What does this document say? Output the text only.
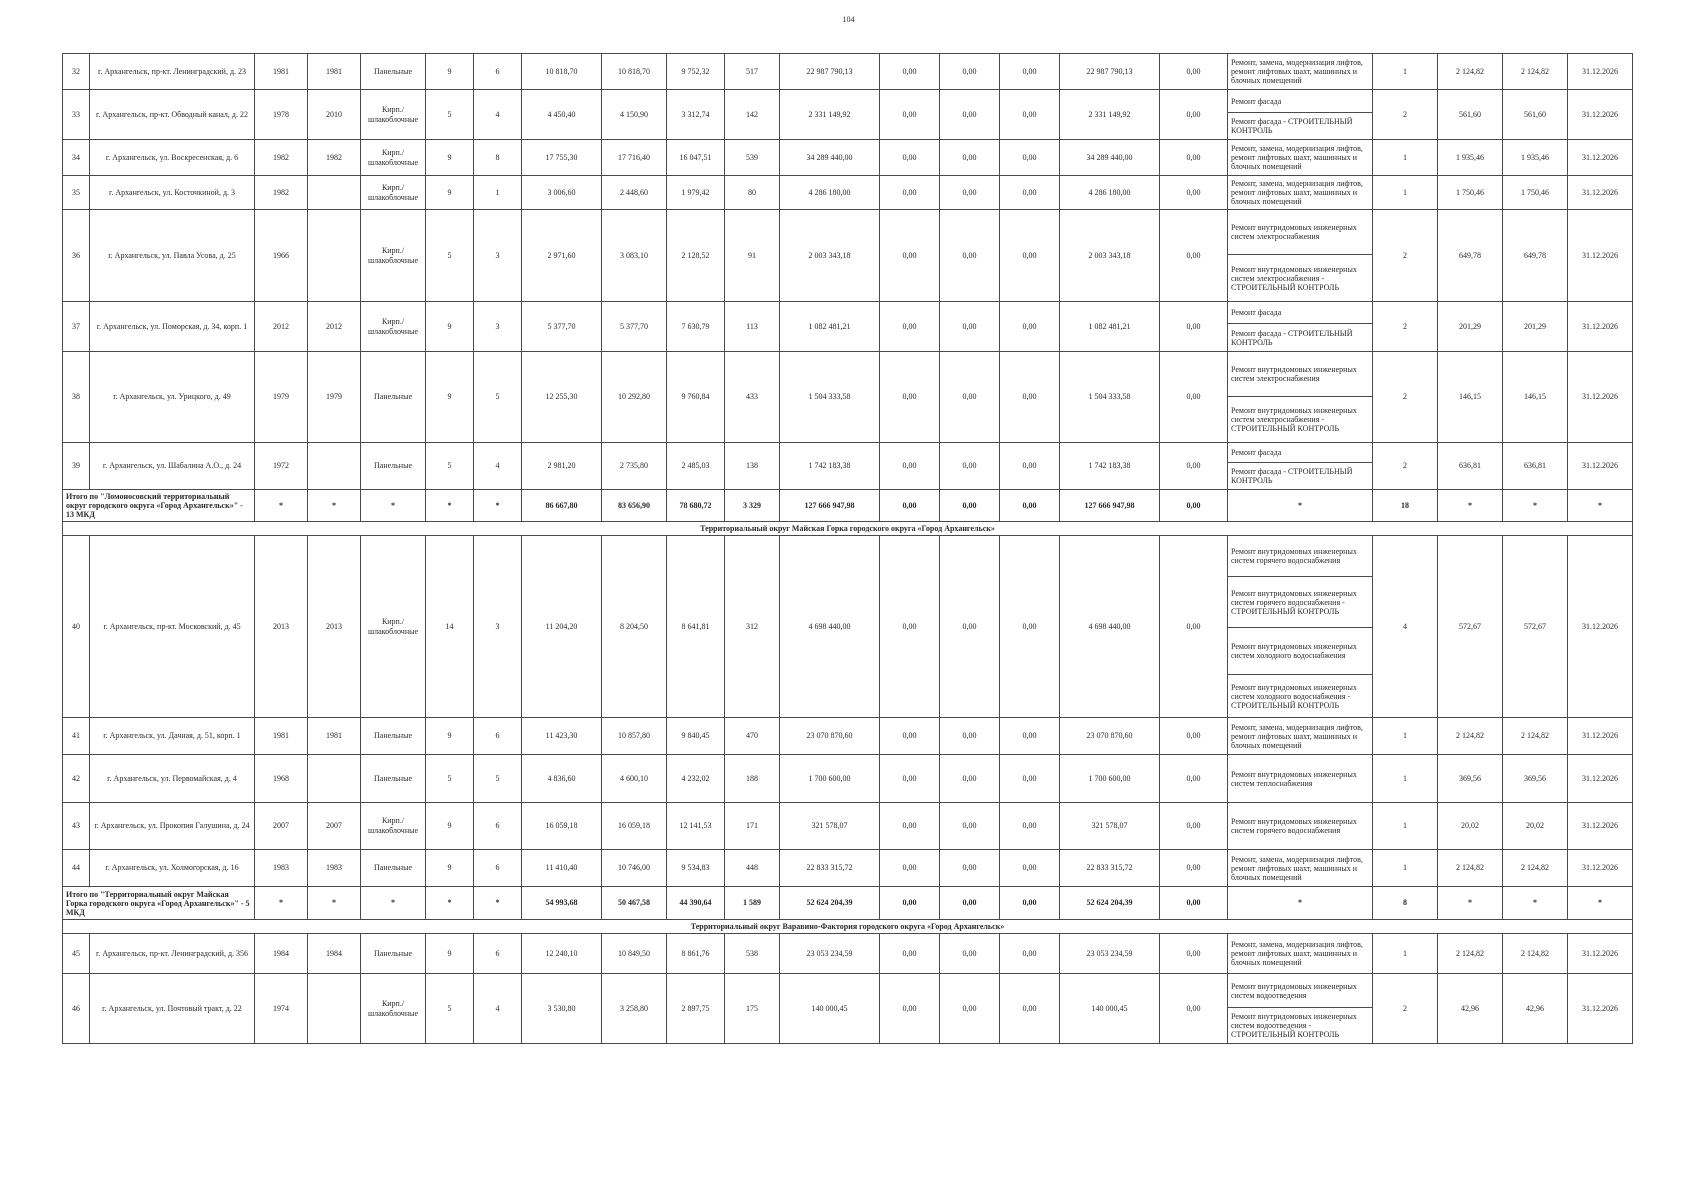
104
32	г. Архангельск, пр-кт. Ленинградский, д. 23	1981	1981	Панельные	9	6	10 818,70	10 818,70	9 752,32	517	22 987 790,13	0,00	0,00	0,00	22 987 790,13	0,00	Ремонт, замена, модернизация лифтов, ремонт лифтовых шахт, машинных и блочных помещений	1	2 124,82	2 124,82	31.12.2026
33	г. Архангельск, пр-кт. Обводный канал, д. 22	1978	2010	Кирп./шлакоблочные	5	4	4 450,40	4 150,90	3 312,74	142	2 331 149,92	0,00	0,00	0,00	2 331 149,92	0,00	Ремонт фасада	2	561,60	561,60	31.12.2026
																	Ремонт фасада - СТРОИТЕЛЬНЫЙ КОНТРОЛЬ				
34	г. Архангельск, ул. Воскресенская, д. 6	1982	1982	Кирп./шлакоблочные	9	8	17 755,30	17 716,40	16 047,51	539	34 289 440,00	0,00	0,00	0,00	34 289 440,00	0,00	Ремонт, замена, модернизация лифтов, ремонт лифтовых шахт, машинных и блочных помещений	1	1 935,46	1 935,46	31.12.2026
35	г. Архангельск, ул. Косточкиной, д. 3	1982		Кирп./шлакоблочные	9	1	3 006,60	2 448,60	1 979,42	80	4 286 180,00	0,00	0,00	0,00	4 286 180,00	0,00	Ремонт, замена, модернизация лифтов, ремонт лифтовых шахт, машинных и блочных помещений	1	1 750,46	1 750,46	31.12.2026
36	г. Архангельск, ул. Павла Усова, д. 25	1966		Кирп./шлакоблочные	5	3	2 971,60	3 083,10	2 128,52	91	2 003 343,18	0,00	0,00	0,00	2 003 343,18	0,00	Ремонт внутридомовых инженерных систем электроснабжения	2	649,78	649,78	31.12.2026
																	Ремонт внутридомовых инженерных систем электроснабжения - СТРОИТЕЛЬНЫЙ КОНТРОЛЬ				
37	г. Архангельск, ул. Поморская, д. 34, корп. 1	2012	2012	Кирп./шлакоблочные	9	3	5 377,70	5 377,70	7 630,79	113	1 082 481,21	0,00	0,00	0,00	1 082 481,21	0,00	Ремонт фасада	2	201,29	201,29	31.12.2026
																	Ремонт фасада - СТРОИТЕЛЬНЫЙ КОНТРОЛЬ				
38	г. Архангельск, ул. Урицкого, д. 49	1979	1979	Панельные	9	5	12 255,30	10 292,80	9 760,84	433	1 504 333,58	0,00	0,00	0,00	1 504 333,58	0,00	Ремонт внутридомовых инженерных систем электроснабжения	2	146,15	146,15	31.12.2026
																	Ремонт внутридомовых инженерных систем электроснабжения - СТРОИТЕЛЬНЫЙ КОНТРОЛЬ				
39	г. Архангельск, ул. Шабалина А.О., д. 24	1972		Панельные	5	4	2 981,20	2 735,80	2 485,03	138	1 742 183,38	0,00	0,00	0,00	1 742 183,38	0,00	Ремонт фасада	2	636,81	636,81	31.12.2026
																	Ремонт фасада - СТРОИТЕЛЬНЫЙ КОНТРОЛЬ				
Итого по "Ломоносовский территориальный округ городского округа «Город Архангельск»" - 13 МКД		*	*	*	*	*	86 667,80	83 656,90	78 680,72	3 329	127 666 947,98	0,00	0,00	0,00	127 666 947,98	0,00	*	18	*	*	*
Территориальный округ Майская Горка городского округа «Город Архангельск»																					
40	г. Архангельск, пр-кт. Московский, д. 45	2013	2013	Кирп./шлакоблочные	14	3	11 204,20	8 204,50	8 641,81	312	4 698 440,00	0,00	0,00	0,00	4 698 440,00	0,00	Ремонт внутридомовых инженерных систем горячего водоснабжения	4	572,67	572,67	31.12.2026
																	Ремонт внутридомовых инженерных систем горячего водоснабжения - СТРОИТЕЛЬНЫЙ КОНТРОЛЬ				
																	Ремонт внутридомовых инженерных систем холодного водоснабжения				
																	Ремонт внутридомовых инженерных систем холодного водоснабжения - СТРОИТЕЛЬНЫЙ КОНТРОЛЬ				
41	г. Архангельск, ул. Дачная, д. 51, корп. 1	1981	1981	Панельные	9	6	11 423,30	10 857,80	9 840,45	470	23 070 870,60	0,00	0,00	0,00	23 070 870,60	0,00	Ремонт, замена, модернизация лифтов, ремонт лифтовых шахт, машинных и блочных помещений	1	2 124,82	2 124,82	31.12.2026
42	г. Архангельск, ул. Первомайская, д. 4	1968		Панельные	5	5	4 836,60	4 600,10	4 232,02	188	1 700 600,00	0,00	0,00	0,00	1 700 600,00	0,00	Ремонт внутридомовых инженерных систем теплоснабжения	1	369,56	369,56	31.12.2026
43	г. Архангельск, ул. Прокопия Галушина, д. 24	2007	2007	Кирп./шлакоблочные	9	6	16 059,18	16 059,18	12 141,53	171	321 578,07	0,00	0,00	0,00	321 578,07	0,00	Ремонт внутридомовых инженерных систем горячего водоснабжения	1	20,02	20,02	31.12.2026
44	г. Архангельск, ул. Холмогорская, д. 16	1983	1983	Панельные	9	6	11 410,40	10 746,00	9 534,83	448	22 833 315,72	0,00	0,00	0,00	22 833 315,72	0,00	Ремонт, замена, модернизация лифтов, ремонт лифтовых шахт, машинных и блочных помещений	1	2 124,82	2 124,82	31.12.2026
Итого по "Территориальный округ Майская Горка городского округа «Город Архангельск»" - 5 МКД		*	*	*	*	*	54 993,68	50 467,58	44 390,64	1 589	52 624 204,39	0,00	0,00	0,00	52 624 204,39	0,00	*	8	*	*	*
Территориальный округ Варавино-Фактория городского округа «Город Архангельск»																					
45	г. Архангельск, пр-кт. Ленинградский, д. 356	1984	1984	Панельные	9	6	12 240,10	10 849,50	8 861,76	538	23 053 234,59	0,00	0,00	0,00	23 053 234,59	0,00	Ремонт, замена, модернизация лифтов, ремонт лифтовых шахт, машинных и блочных помещений	1	2 124,82	2 124,82	31.12.2026
46	г. Архангельск, ул. Почтовый тракт, д. 22	1974		Кирп./шлакоблочные	5	4	3 530,80	3 258,80	2 897,75	175	140 000,45	0,00	0,00	0,00	140 000,45	0,00	Ремонт внутридомовых инженерных систем водоотведения	2	42,96	42,96	31.12.2026
																	Ремонт внутридомовых инженерных систем водоотведения - СТРОИТЕЛЬНЫЙ КОНТРОЛЬ				
